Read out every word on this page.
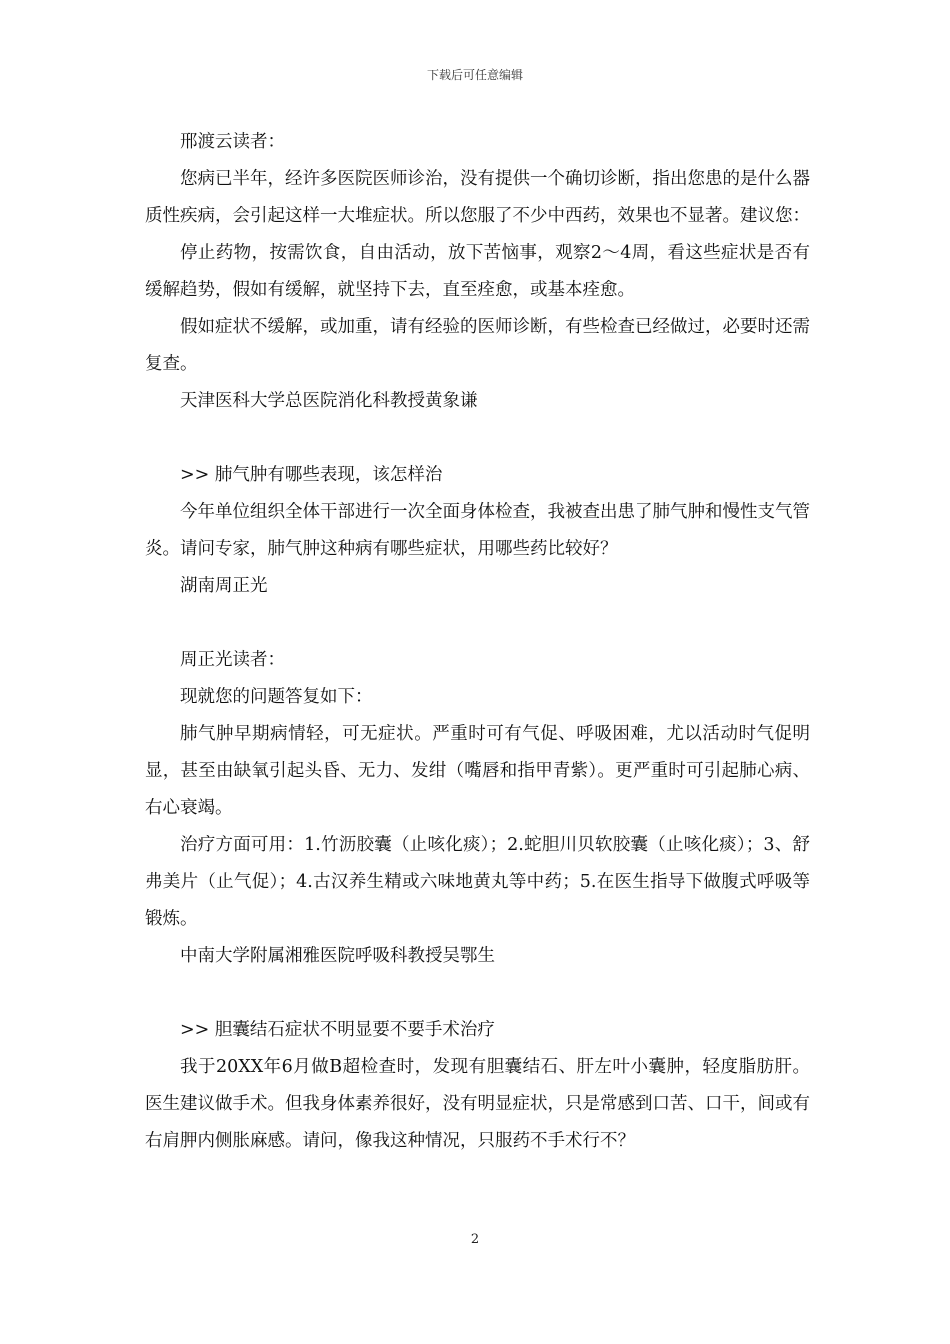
下载后可任意编辑

邢渡云读者：

您病已半年，经许多医院医师诊治，没有提供一个确切诊断，指出您患的是什么器质性疾病，会引起这样一大堆症状。所以您服了不少中西药，效果也不显著。建议您：

停止药物，按需饮食，自由活动，放下苦恼事，观察2～4周，看这些症状是否有缓解趋势，假如有缓解，就坚持下去，直至痊愈，或基本痊愈。

假如症状不缓解，或加重，请有经验的医师诊断，有些检查已经做过，必要时还需复查。

天津医科大学总医院消化科教授黄象谦

>> 肺气肿有哪些表现，该怎样治

今年单位组织全体干部进行一次全面身体检查，我被查出患了肺气肿和慢性支气管炎。请问专家，肺气肿这种病有哪些症状，用哪些药比较好？

湖南周正光

周正光读者：

现就您的问题答复如下：

肺气肿早期病情轻，可无症状。严重时可有气促、呼吸困难，尤以活动时气促明显，甚至由缺氧引起头昏、无力、发绀（嘴唇和指甲青紫）。更严重时可引起肺心病、右心衰竭。

治疗方面可用：1.竹沥胶囊（止咳化痰）；2.蛇胆川贝软胶囊（止咳化痰）；3、舒弗美片（止气促）；4.古汉养生精或六味地黄丸等中药；5.在医生指导下做腹式呼吸等锻炼。

中南大学附属湘雅医院呼吸科教授吴鄂生

>> 胆囊结石症状不明显要不要手术治疗

我于20XX年6月做B超检查时，发现有胆囊结石、肝左叶小囊肿，轻度脂肪肝。医生建议做手术。但我身体素养很好，没有明显症状，只是常感到口苦、口干，间或有右肩胛内侧胀麻感。请问，像我这种情况，只服药不手术行不？

2
